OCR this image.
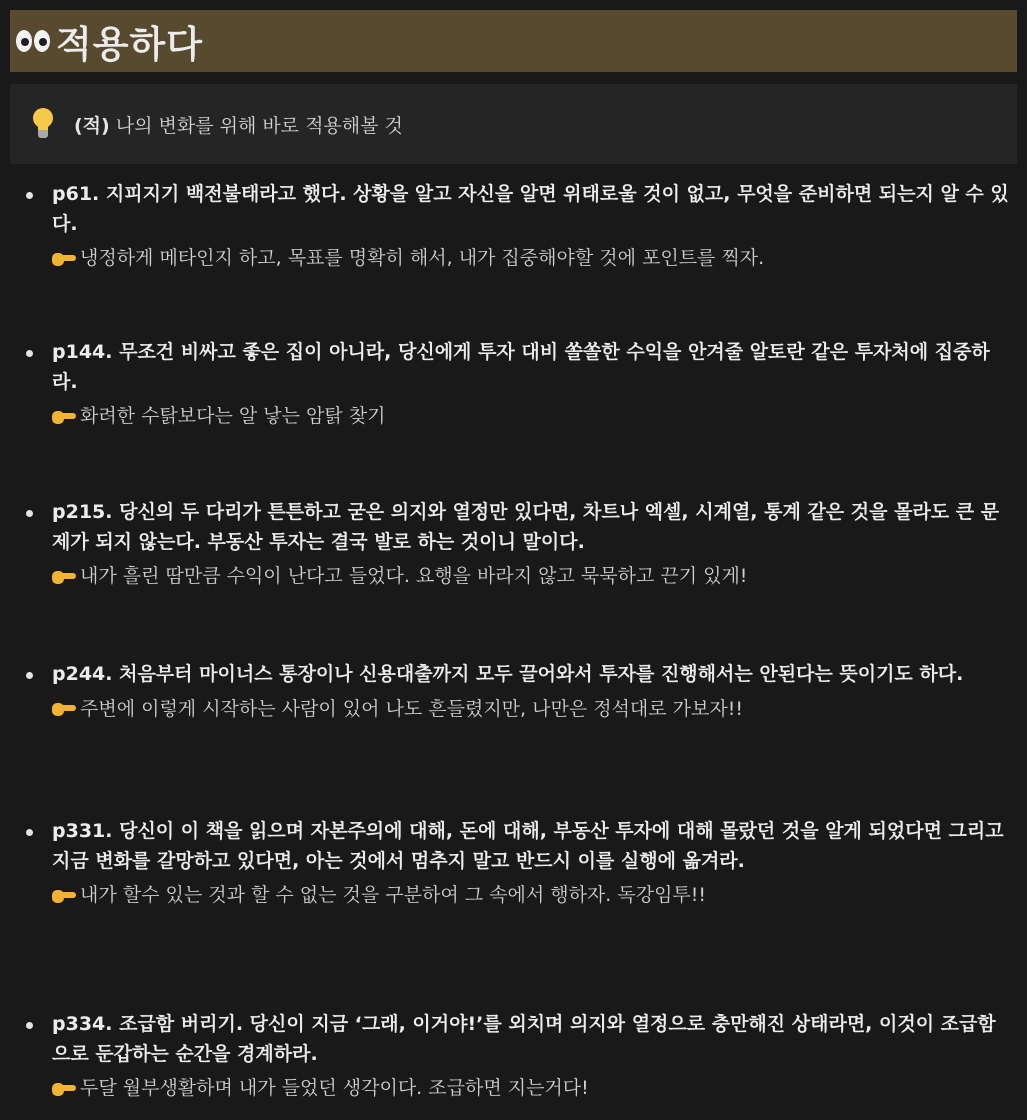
적용하다
(적) 나의 변화를 위해 바로 적용해볼 것
p61. 지피지기 백전불태라고 했다. 상황을 알고 자신을 알면 위태로울 것이 없고, 무엇을 준비하면 되는지 알 수 있다.
냉정하게 메타인지 하고, 목표를 명확히 해서, 내가 집중해야할 것에 포인트를 찍자.
p144. 무조건 비싸고 좋은 집이 아니라, 당신에게 투자 대비 쏠쏠한 수익을 안겨줄 알토란 같은 투자처에 집중하라.
화려한 수탉보다는 알 낳는 암탉 찾기
p215. 당신의 두 다리가 튼튼하고 굳은 의지와 열정만 있다면, 차트나 엑셀, 시계열, 통계 같은 것을 몰라도 큰 문제가 되지 않는다. 부동산 투자는 결국 발로 하는 것이니 말이다.
내가 흘린 땀만큼 수익이 난다고 들었다. 요행을 바라지 않고 묵묵하고 끈기 있게!
p244. 처음부터 마이너스 통장이나 신용대출까지 모두 끌어와서 투자를 진행해서는 안된다는 뜻이기도 하다.
주변에 이렇게 시작하는 사람이 있어 나도 흔들렸지만, 나만은 정석대로 가보자!!
p331. 당신이 이 책을 읽으며 자본주의에 대해, 돈에 대해, 부동산 투자에 대해 몰랐던 것을 알게 되었다면 그리고 지금 변화를 갈망하고 있다면, 아는 것에서 멈추지 말고 반드시 이를 실행에 옮겨라.
내가 할수 있는 것과 할 수 없는 것을 구분하여 그 속에서 행하자. 독강임투!!
p334. 조급함 버리기. 당신이 지금 ‘그래, 이거야!’를 외치며 의지와 열정으로 충만해진 상태라면, 이것이 조급함으로 둔갑하는 순간을 경계하라.
두달 월부생활하며 내가 들었던 생각이다. 조급하면 지는거다!
